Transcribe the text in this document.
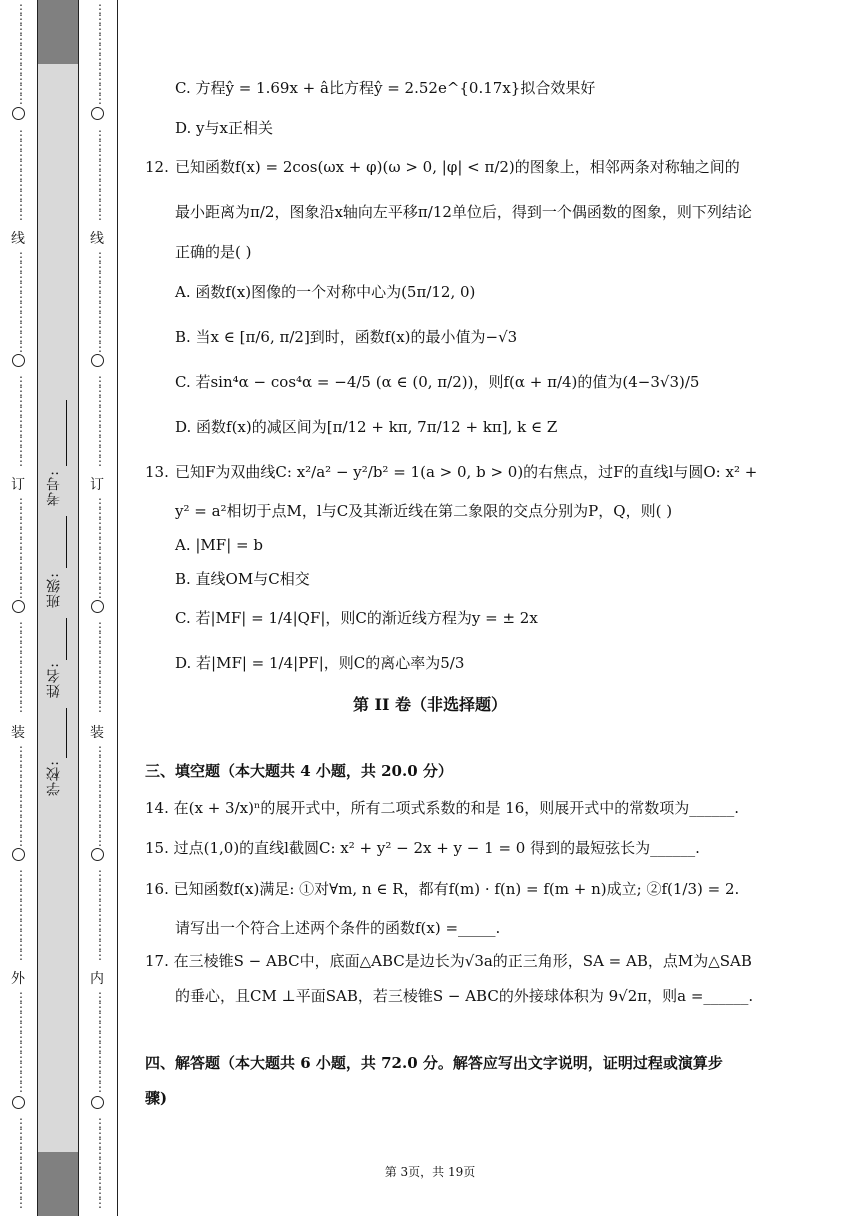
⋮
⋮
⋮
⋮
⋮
⋮
⋮
⋮
⋮
⋮
⋮
⋮
⋮
⋮
⋮
⋮
⋮
⋮
⋮
线
⋮
⋮
⋮
⋮
⋮
⋮
⋮
⋮
⋮
⋮
⋮
⋮
⋮
⋮
⋮
⋮
⋮
⋮
⋮
订
⋮
⋮
⋮
⋮
⋮
⋮
⋮
⋮
⋮
⋮
⋮
⋮
⋮
⋮
⋮
⋮
⋮
⋮
⋮
装
⋮
⋮
⋮
⋮
⋮
⋮
⋮
⋮
⋮
⋮
⋮
⋮
⋮
⋮
⋮
⋮
⋮
⋮
⋮
外
⋮
⋮
⋮
⋮
⋮
⋮
⋮
⋮
⋮
⋮
⋮
⋮
⋮
⋮
⋮
⋮
⋮
⋮
⋮
学校:
姓名:
班级:
考号:
⋮
⋮
⋮
⋮
⋮
⋮
⋮
⋮
⋮
⋮
⋮
⋮
⋮
⋮
⋮
⋮
⋮
⋮
⋮
线
⋮
⋮
⋮
⋮
⋮
⋮
⋮
⋮
⋮
⋮
⋮
⋮
⋮
⋮
⋮
⋮
⋮
⋮
⋮
订
⋮
⋮
⋮
⋮
⋮
⋮
⋮
⋮
⋮
⋮
⋮
⋮
⋮
⋮
⋮
⋮
⋮
⋮
⋮
装
⋮
⋮
⋮
⋮
⋮
⋮
⋮
⋮
⋮
⋮
⋮
⋮
⋮
⋮
⋮
⋮
⋮
⋮
⋮
内
⋮
⋮
⋮
⋮
⋮
⋮
⋮
⋮
⋮
⋮
⋮
⋮
⋮
⋮
⋮
⋮
⋮
⋮
⋮
C. 方程ŷ = 1.69x + â比方程ŷ = 2.52e^{0.17x}拟合效果好
D. y与x正相关
12. 已知函数f(x) = 2cos(ωx + φ)(ω > 0, |φ| < π/2)的图象上，相邻两条对称轴之间的
最小距离为π/2，图象沿x轴向左平移π/12单位后，得到一个偶函数的图象，则下列结论
正确的是( )
A. 函数f(x)图像的一个对称中心为(5π/12, 0)
B. 当x ∈ [π/6, π/2]到时，函数f(x)的最小值为−√3
C. 若sin⁴α − cos⁴α = −4/5 (α ∈ (0, π/2))，则f(α + π/4)的值为(4−3√3)/5
D. 函数f(x)的减区间为[π/12 + kπ, 7π/12 + kπ], k ∈ Z
13. 已知F为双曲线C: x²/a² − y²/b² = 1(a > 0, b > 0)的右焦点，过F的直线l与圆O: x² +
y² = a²相切于点M，l与C及其渐近线在第二象限的交点分别为P，Q，则( )
A. |MF| = b
B. 直线OM与C相交
C. 若|MF| = 1/4|QF|，则C的渐近线方程为y = ± 2x
D. 若|MF| = 1/4|PF|，则C的离心率为5/3
第 II 卷（非选择题）
三、填空题（本大题共 4 小题，共 20.0 分）
14. 在(x + 3/x)ⁿ的展开式中，所有二项式系数的和是 16，则展开式中的常数项为______.
15. 过点(1,0)的直线l截圆C: x² + y² − 2x + y − 1 = 0 得到的最短弦长为______.
16. 已知函数f(x)满足: ①对∀m, n ∈ R，都有f(m) · f(n) = f(m + n)成立; ②f(1/3) = 2.
请写出一个符合上述两个条件的函数f(x) =_____.
17. 在三棱锥S − ABC中，底面△ABC是边长为√3a的正三角形，SA = AB，点M为△SAB
的垂心，且CM ⊥平面SAB，若三棱锥S − ABC的外接球体积为 9√2π，则a =______.
四、解答题（本大题共 6 小题，共 72.0 分。解答应写出文字说明，证明过程或演算步
骤)
第 3页，共 19页
